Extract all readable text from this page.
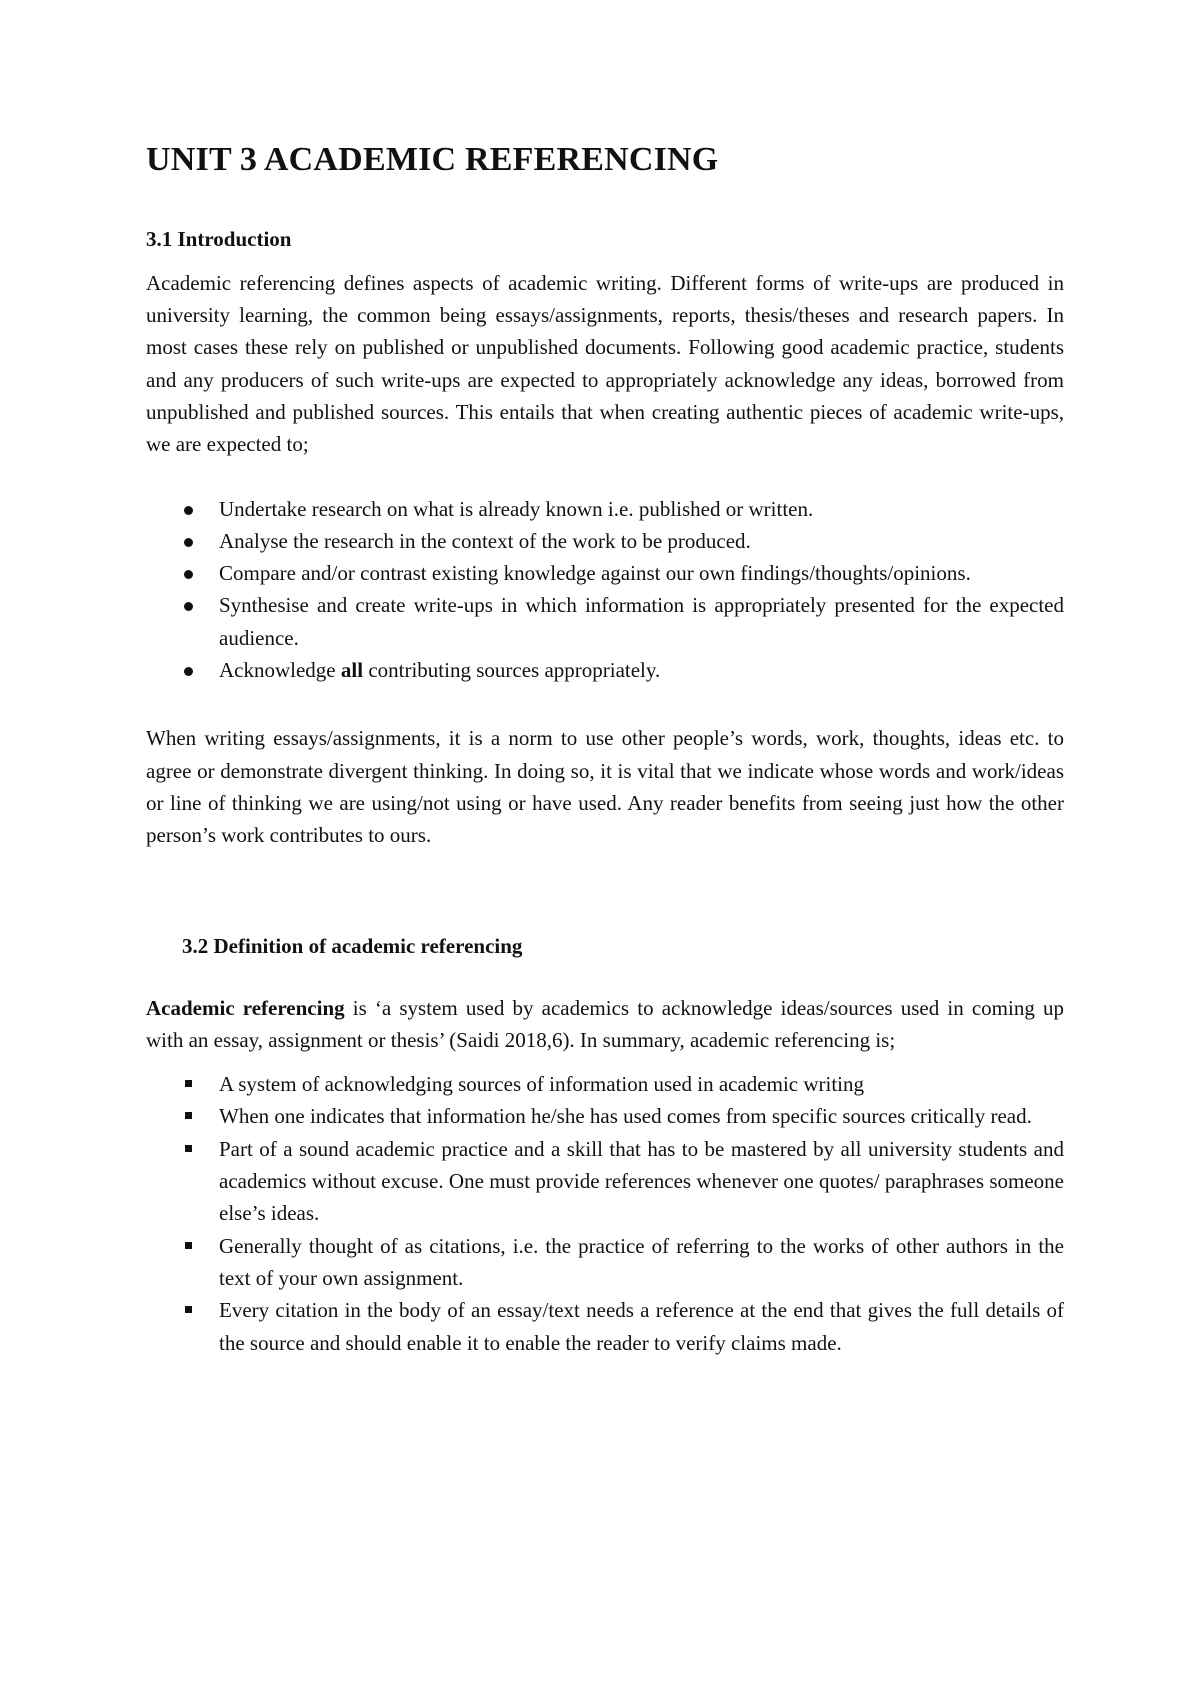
UNIT 3 ACADEMIC REFERENCING
3.1 Introduction

Academic referencing defines aspects of academic writing. Different forms of write-ups are produced in university learning, the common being essays/assignments, reports, thesis/theses and research papers. In most cases these rely on published or unpublished documents. Following good academic practice, students and any producers of such write-ups are expected to appropriately acknowledge any ideas, borrowed from unpublished and published sources. This entails that when creating authentic pieces of academic write-ups, we are expected to;

Undertake research on what is already known i.e. published or written.
Analyse the research in the context of the work to be produced.
Compare and/or contrast existing knowledge against our own findings/thoughts/opinions.
Synthesise and create write-ups in which information is appropriately presented for the expected audience.
Acknowledge all contributing sources appropriately.

When writing essays/assignments, it is a norm to use other people’s words, work, thoughts, ideas etc. to agree or demonstrate divergent thinking. In doing so, it is vital that we indicate whose words and work/ideas or line of thinking we are using/not using or have used. Any reader benefits from seeing just how the other person’s work contributes to ours.

3.2 Definition of academic referencing

Academic referencing is ‘a system used by academics to acknowledge ideas/sources used in coming up with an essay, assignment or thesis’ (Saidi 2018,6). In summary, academic referencing is;

A system of acknowledging sources of information used in academic writing
When one indicates that information he/she has used comes from specific sources critically read.
Part of a sound academic practice and a skill that has to be mastered by all university students and academics without excuse. One must provide references whenever one quotes/ paraphrases someone else’s ideas.
Generally thought of as citations, i.e. the practice of referring to the works of other authors in the text of your own assignment.
Every citation in the body of an essay/text needs a reference at the end that gives the full details of the source and should enable it to enable the reader to verify claims made.
